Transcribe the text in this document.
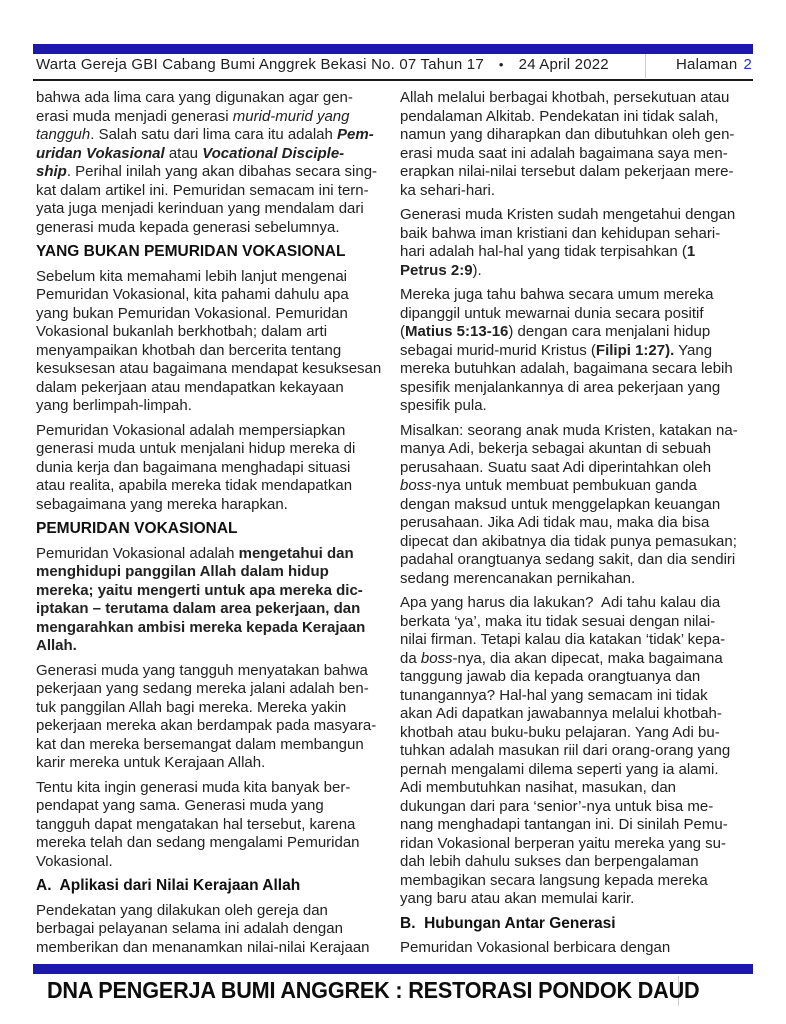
Warta Gereja GBI Cabang Bumi Anggrek Bekasi No. 07 Tahun 17 • 24 April 2022	Halaman 2
bahwa ada lima cara yang digunakan agar gen-
erasi muda menjadi generasi murid-murid yang
tangguh. Salah satu dari lima cara itu adalah Pem-
uridan Vokasional atau Vocational Disciple-
ship. Perihal inilah yang akan dibahas secara sing-
kat dalam artikel ini. Pemuridan semacam ini tern-
yata juga menjadi kerinduan yang mendalam dari
generasi muda kepada generasi sebelumnya.
YANG BUKAN PEMURIDAN VOKASIONAL
Sebelum kita memahami lebih lanjut mengenai
Pemuridan Vokasional, kita pahami dahulu apa
yang bukan Pemuridan Vokasional. Pemuridan
Vokasional bukanlah berkhotbah; dalam arti
menyampaikan khotbah dan bercerita tentang
kesuksesan atau bagaimana mendapat kesuksesan
dalam pekerjaan atau mendapatkan kekayaan
yang berlimpah-limpah.
Pemuridan Vokasional adalah mempersiapkan
generasi muda untuk menjalani hidup mereka di
dunia kerja dan bagaimana menghadapi situasi
atau realita, apabila mereka tidak mendapatkan
sebagaimana yang mereka harapkan.
PEMURIDAN VOKASIONAL
Pemuridan Vokasional adalah mengetahui dan
menghidupi panggilan Allah dalam hidup
mereka; yaitu mengerti untuk apa mereka dic-
iptakan – terutama dalam area pekerjaan, dan
mengarahkan ambisi mereka kepada Kerajaan
Allah.
Generasi muda yang tangguh menyatakan bahwa
pekerjaan yang sedang mereka jalani adalah ben-
tuk panggilan Allah bagi mereka. Mereka yakin
pekerjaan mereka akan berdampak pada masyara-
kat dan mereka bersemangat dalam membangun
karir mereka untuk Kerajaan Allah.
Tentu kita ingin generasi muda kita banyak ber-
pendapat yang sama. Generasi muda yang
tangguh dapat mengatakan hal tersebut, karena
mereka telah dan sedang mengalami Pemuridan
Vokasional.
A.  Aplikasi dari Nilai Kerajaan Allah
Pendekatan yang dilakukan oleh gereja dan
berbagai pelayanan selama ini adalah dengan
memberikan dan menanamkan nilai-nilai Kerajaan
Allah melalui berbagai khotbah, persekutuan atau
pendalaman Alkitab. Pendekatan ini tidak salah,
namun yang diharapkan dan dibutuhkan oleh gen-
erasi muda saat ini adalah bagaimana saya men-
erapkan nilai-nilai tersebut dalam pekerjaan mere-
ka sehari-hari.
Generasi muda Kristen sudah mengetahui dengan
baik bahwa iman kristiani dan kehidupan sehari-
hari adalah hal-hal yang tidak terpisahkan (1
Petrus 2:9).
Mereka juga tahu bahwa secara umum mereka
dipanggil untuk mewarnai dunia secara positif
(Matius 5:13-16) dengan cara menjalani hidup
sebagai murid-murid Kristus (Filipi 1:27). Yang
mereka butuhkan adalah, bagaimana secara lebih
spesifik menjalankannya di area pekerjaan yang
spesifik pula.
Misalkan: seorang anak muda Kristen, katakan na-
manya Adi, bekerja sebagai akuntan di sebuah
perusahaan. Suatu saat Adi diperintahkan oleh
boss-nya untuk membuat pembukuan ganda
dengan maksud untuk menggelapkan keuangan
perusahaan. Jika Adi tidak mau, maka dia bisa
dipecat dan akibatnya dia tidak punya pemasukan;
padahal orangtuanya sedang sakit, dan dia sendiri
sedang merencanakan pernikahan.
Apa yang harus dia lakukan?  Adi tahu kalau dia
berkata ‘ya’, maka itu tidak sesuai dengan nilai-
nilai firman. Tetapi kalau dia katakan ‘tidak’ kepa-
da boss-nya, dia akan dipecat, maka bagaimana
tanggung jawab dia kepada orangtuanya dan
tunangannya? Hal-hal yang semacam ini tidak
akan Adi dapatkan jawabannya melalui khotbah-
khotbah atau buku-buku pelajaran. Yang Adi bu-
tuhkan adalah masukan riil dari orang-orang yang
pernah mengalami dilema seperti yang ia alami.
Adi membutuhkan nasihat, masukan, dan
dukungan dari para ‘senior’-nya untuk bisa me-
nang menghadapi tantangan ini. Di sinilah Pemu-
ridan Vokasional berperan yaitu mereka yang su-
dah lebih dahulu sukses dan berpengalaman
membagikan secara langsung kepada mereka
yang baru atau akan memulai karir.
B.  Hubungan Antar Generasi
Pemuridan Vokasional berbicara dengan
DNA PENGERJA BUMI ANGGREK : RESTORASI PONDOK DAUD
